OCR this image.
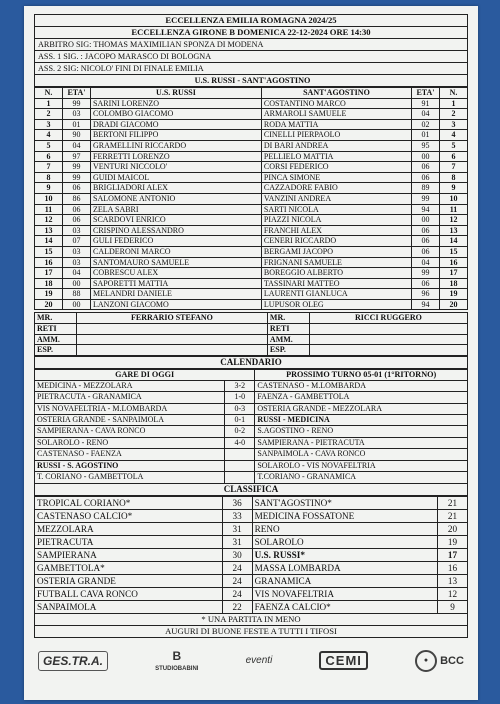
ECCELLENZA EMILIA ROMAGNA 2024/25
ECCELLENZA GIRONE B DOMENICA 22-12-2024 ORE 14:30
ARBITRO SIG: THOMAS MAXIMILIAN SPONZA DI MODENA
ASS. 1 SIG. : JACOPO MARASCO DI BOLOGNA
ASS. 2 SIG: NICOLO' FINI DI FINALE EMILIA
U.S. RUSSI - SANT'AGOSTINO
N.	ETA'	U.S. RUSSI	SANT'AGOSTINO	ETA'	N.
1	99	SARINI LORENZO	COSTANTINO MARCO	91	1
2	03	COLOMBO GIACOMO	ARMAROLI SAMUELE	04	2
3	01	DRADI GIACOMO	RODA MATTIA	02	3
4	90	BERTONI FILIPPO	CINELLI PIERPAOLO	01	4
5	04	GRAMELLINI RICCARDO	DI BARI ANDREA	95	5
6	97	FERRETTI LORENZO	PELLIELO MATTIA	00	6
7	99	VENTURI NICCOLO'	CORSI FEDERICO	06	7
8	99	GUIDI MAICOL	PINCA SIMONE	06	8
9	06	BRIGLIADORI ALEX	CAZZADORE FABIO	89	9
10	86	SALOMONE ANTONIO	VANZINI ANDREA	99	10
11	06	ZELA SABRI	SARTI NICOLA	94	11
12	06	SCARDOVI ENRICO	PIAZZI NICOLA	00	12
13	03	CRISPINO ALESSANDRO	FRANCHI ALEX	06	13
14	07	GULI FEDERICO	CENERI RICCARDO	06	14
15	03	CALDERONI MARCO	BERGAMI JACOPO	06	15
16	03	SANTOMAURO SAMUELE	FRIGNANI SAMUELE	04	16
17	04	COBRESCU ALEX	BOREGGIO ALBERTO	99	17
18	00	SAPORETTI MATTIA	TASSINARI MATTEO	06	18
19	88	MELANDRI DANIELE	LAURENTI GIANLUCA	96	19
20	00	LANZONI GIACOMO	LUPUSOR OLEG	94	20
MR.	FERRARIO STEFANO	MR.	RICCI RUGGERO
RETI		RETI	
AMM.		AMM.	
ESP.		ESP.	
CALENDARIO
GARE DI OGGI		PROSSIMO TURNO 05-01 (1°RITORNO)
MEDICINA - MEZZOLARA	3-2	CASTENASO - M.LOMBARDA
PIETRACUTA - GRANAMICA	1-0	FAENZA - GAMBETTOLA
VIS NOVAFELTRIA - M.LOMBARDA	0-3	OSTERIA GRANDE - MEZZOLARA
OSTERIA GRANDE - SANPAIMOLA	0-1	RUSSI - MEDICINA
SAMPIERANA - CAVA RONCO	0-2	S.AGOSTINO - RENO
SOLAROLO - RENO	4-0	SAMPIERANA - PIETRACUTA
CASTENASO - FAENZA		SANPAIMOLA - CAVA RONCO
RUSSI - S. AGOSTINO		SOLAROLO - VIS NOVAFELTRIA
T. CORIANO - GAMBETTOLA		T.CORIANO - GRANAMICA
CLASSIFICA
TROPICAL CORIANO*	36	SANT'AGOSTINO*	21
CASTENASO CALCIO*	33	MEDICINA FOSSATONE	21
MEZZOLARA	31	RENO	20
PIETRACUTA	31	SOLAROLO	19
SAMPIERANA	30	U.S. RUSSI*	17
GAMBETTOLA*	24	MASSA LOMBARDA	16
OSTERIA GRANDE	24	GRANAMICA	13
FUTBALL CAVA RONCO	24	VIS NOVAFELTRIA	12
SANPAIMOLA	22	FAENZA CALCIO*	9
* UNA PARTITA IN MENO
AUGURI DI BUONE FESTE A TUTTI I TIFOSI
GES.TR.A.	B
STUDIOBABINI
eventi	CEMI	● BCC
